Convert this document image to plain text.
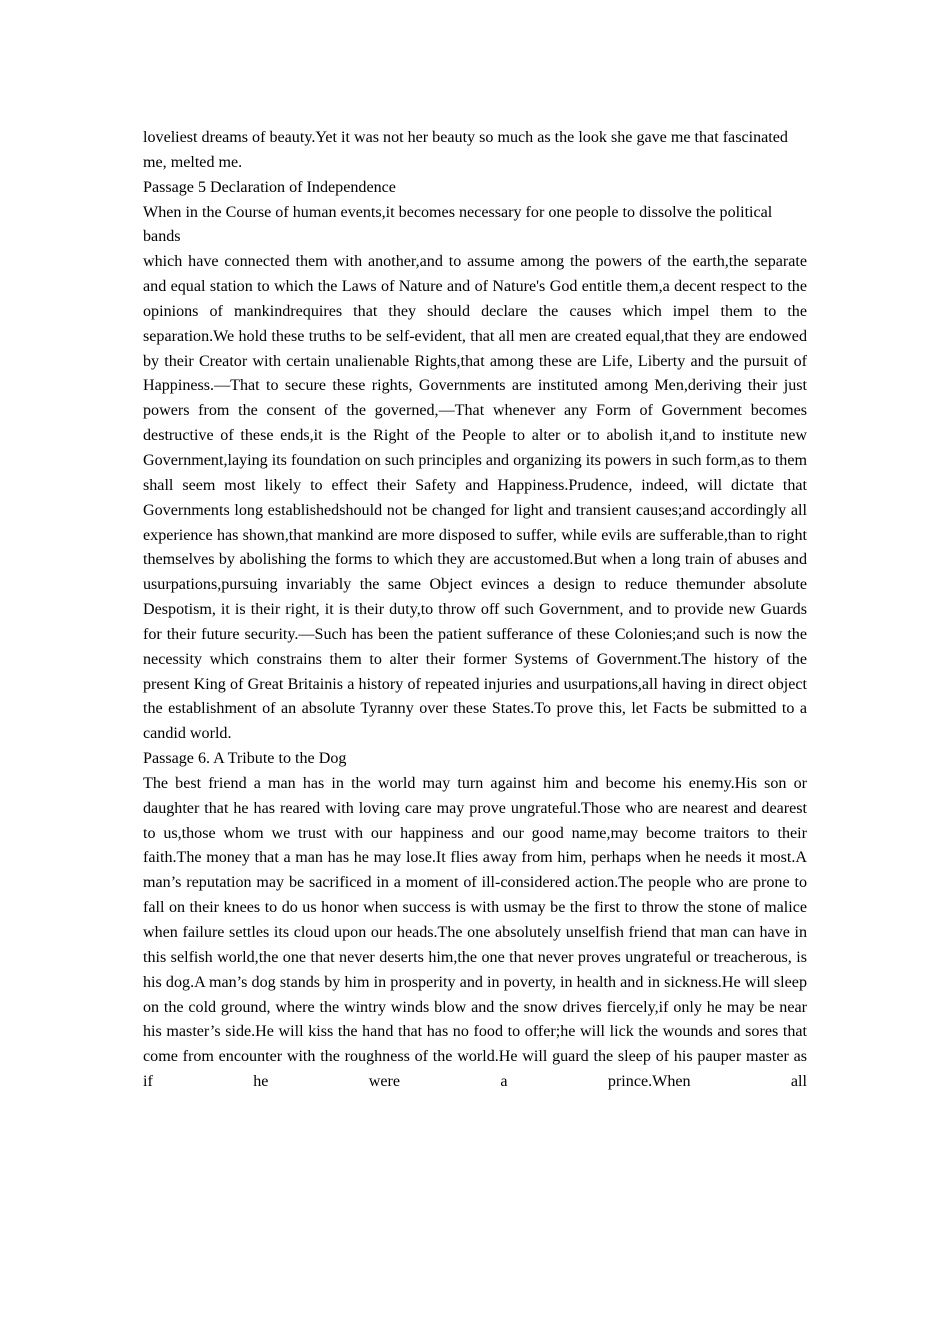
loveliest dreams of beauty.Yet it was not her beauty so much as the look she gave me that fascinated me, melted me.

Passage 5 Declaration of Independence

When in the Course of human events,it becomes necessary for one people to dissolve the political bands

which have connected them with another,and to assume among the powers of the earth,the separate and equal station to which the Laws of Nature and of Nature's God entitle them,a decent respect to the opinions of mankindrequires that they should declare the causes which impel them to the separation.We hold these truths to be self-evident, that all men are created equal,that they are endowed by their Creator with certain unalienable Rights,that among these are Life, Liberty and the pursuit of Happiness.—That to secure these rights, Governments are instituted among Men,deriving their just powers from the consent of the governed,—That whenever any Form of Government becomes destructive of these ends,it is the Right of the People to alter or to abolish it,and to institute new Government,laying its foundation on such principles and organizing its powers in such form,as to them shall seem most likely to effect their Safety and Happiness.Prudence, indeed, will dictate that Governments long establishedshould not be changed for light and transient causes;and accordingly all experience has shown,that mankind are more disposed to suffer, while evils are sufferable,than to right themselves by abolishing the forms to which they are accustomed.But when a long train of abuses and usurpations,pursuing invariably the same Object evinces a design to reduce themunder absolute Despotism, it is their right, it is their duty,to throw off such Government, and to provide new Guards for their future security.—Such has been the patient sufferance of these Colonies;and such is now the necessity which constrains them to alter their former Systems of Government.The history of the present King of Great Britainis a history of repeated injuries and usurpations,all having in direct object the establishment of an absolute Tyranny over these States.To prove this, let Facts be submitted to a candid world.

Passage 6. A Tribute to the Dog

The best friend a man has in the world may turn against him and become his enemy.His son or daughter that he has reared with loving care may prove ungrateful.Those who are nearest and dearest to us,those whom we trust with our happiness and our good name,may become traitors to their faith.The money that a man has he may lose.It flies away from him, perhaps when he needs it most.A man’s reputation may be sacrificed in a moment of ill-considered action.The people who are prone to fall on their knees to do us honor when success is with usmay be the first to throw the stone of malice when failure settles its cloud upon our heads.The one absolutely unselfish friend that man can have in this selfish world,the one that never deserts him,the one that never proves ungrateful or treacherous, is his dog.A man’s dog stands by him in prosperity and in poverty, in health and in sickness.He will sleep on the cold ground, where the wintry winds blow and the snow drives fiercely,if only he may be near his master’s side.He will kiss the hand that has no food to offer;he will lick the wounds and sores that come from encounter with the roughness of the world.He will guard the sleep of his pauper master as if he were a prince.When all
